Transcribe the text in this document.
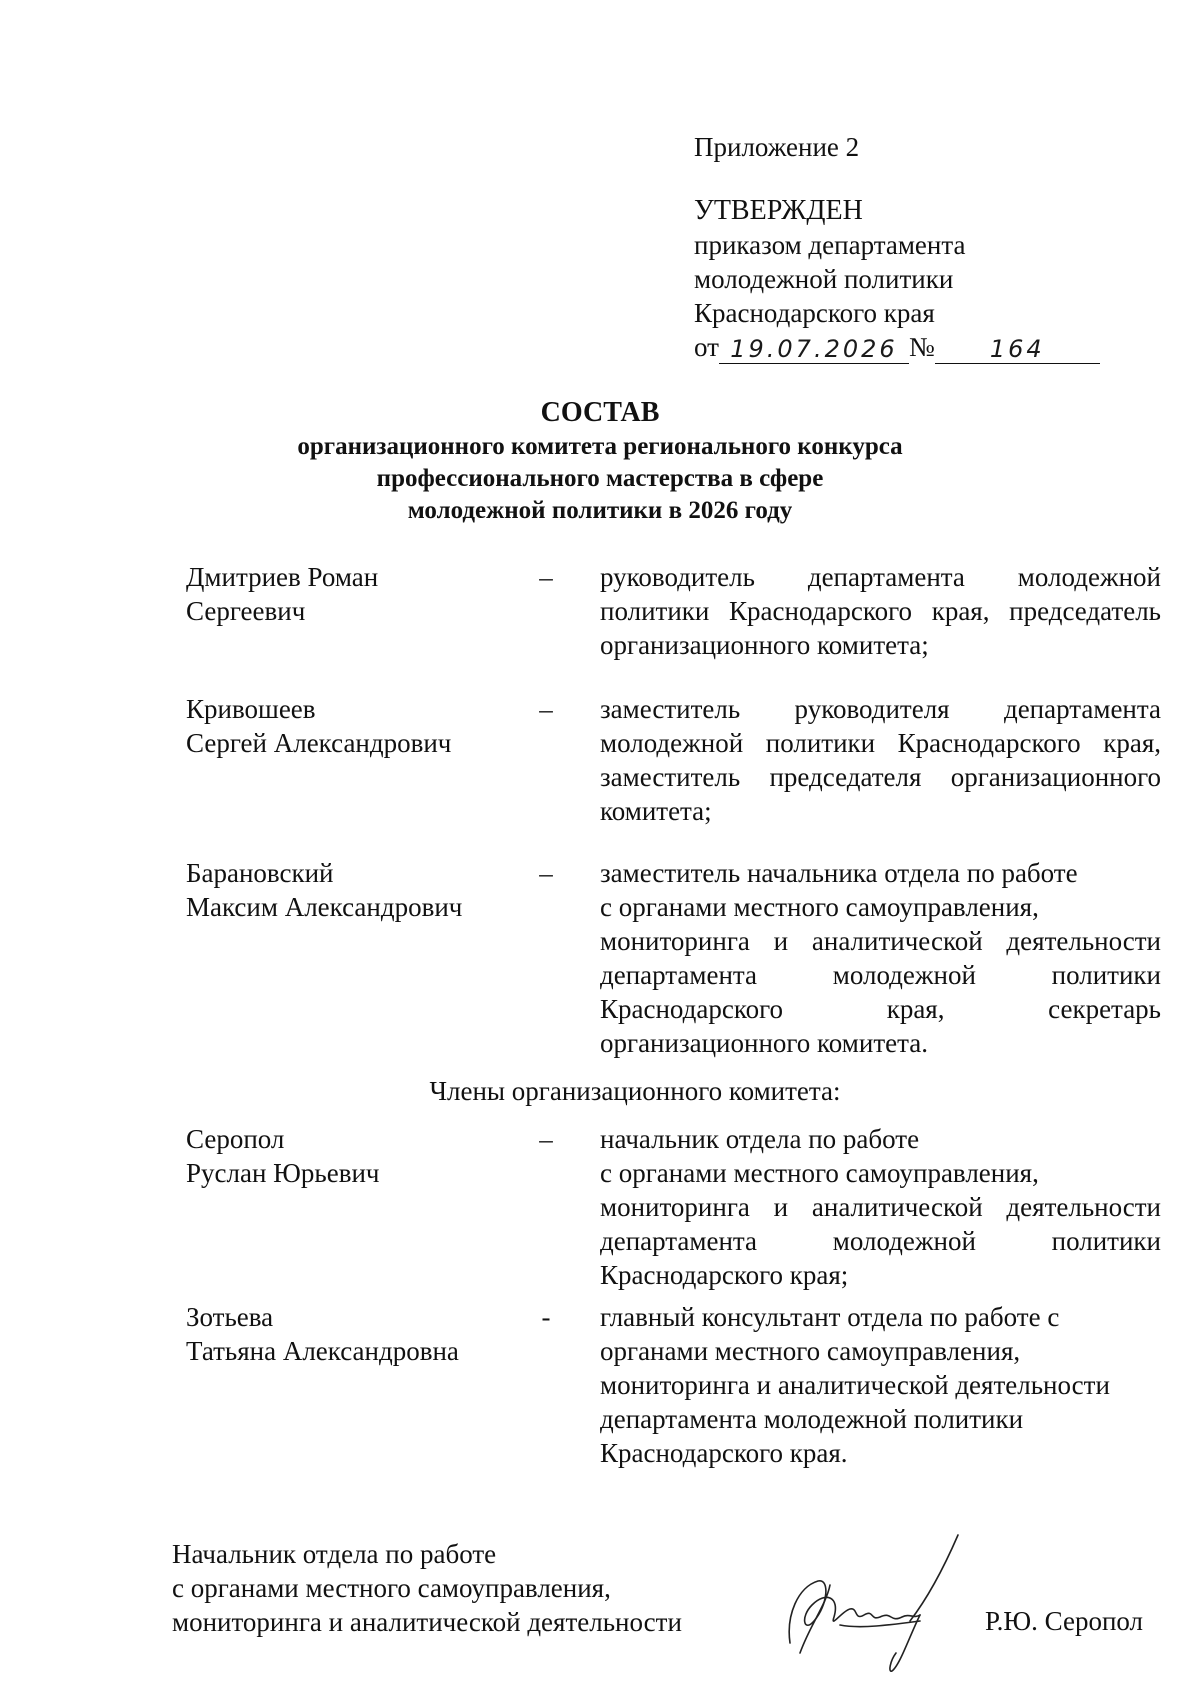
Приложение 2
УТВЕРЖДЕН
приказом департамента
молодежной политики
Краснодарского края
от 19.07.2026 №	164
СОСТАВ
организационного комитета регионального конкурса
профессионального мастерства в сфере
молодежной политики в 2026 году
Дмитриев Роман
Сергеевич
–	руководитель департамента молодежной
политики Краснодарского края, председатель
организационного комитета;
Кривошеев
Сергей Александрович
–	заместитель руководителя департамента
молодежной политики Краснодарского края,
заместитель председателя организационного
комитета;
Барановский
Максим Александрович
–	заместитель начальника отдела по работе
с органами местного самоуправления,
мониторинга и аналитической деятельности
департамента молодежной политики
Краснодарского края, секретарь
организационного комитета.
Члены организационного комитета:
Серопол
Руслан Юрьевич
–	начальник отдела по работе
с органами местного самоуправления,
мониторинга и аналитической деятельности
департамента молодежной политики
Краснодарского края;
Зотьева
Татьяна Александровна
-	главный консультант отдела по работе с
органами местного самоуправления,
мониторинга и аналитической деятельности
департамента молодежной политики
Краснодарского края.
Начальник отдела по работе
с органами местного самоуправления,
мониторинга и аналитической деятельности	Р.Ю. Серопол
